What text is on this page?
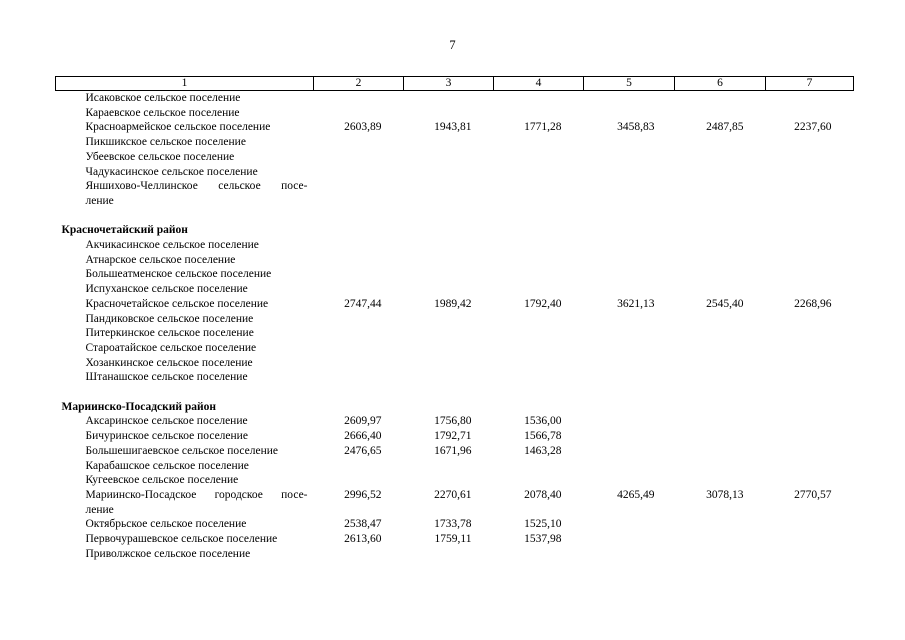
7
1	2	3	4	5	6	7
Исаковское сельское поселение						
Караевское сельское поселение						
Красноармейское сельское поселение	2603,89	1943,81	1771,28	3458,83	2487,85	2237,60
Пикшикское сельское поселение						
Убеевское сельское поселение						
Чадукасинское сельское поселение						
Яншихово-Челлинское сельское посе-						
ление						

Красночетайский район						
Акчикасинское сельское поселение						
Атнарское сельское поселение						
Большеатменское сельское поселение						
Испуханское сельское поселение						
Красночетайское сельское поселение	2747,44	1989,42	1792,40	3621,13	2545,40	2268,96
Пандиковское сельское поселение						
Питеркинское сельское поселение						
Староатайское сельское поселение						
Хозанкинское сельское поселение						
Штанашское сельское поселение						

Мариинско-Посадский район						
Аксаринское сельское поселение	2609,97	1756,80	1536,00			
Бичуринское сельское поселение	2666,40	1792,71	1566,78			
Большешигаевское сельское поселение	2476,65	1671,96	1463,28			
Карабашское сельское поселение						
Кугеевское сельское поселение						
Мариинско-Посадское городское посе-	2996,52	2270,61	2078,40	4265,49	3078,13	2770,57
ление						
Октябрьское сельское поселение	2538,47	1733,78	1525,10			
Первочурашевское сельское поселение	2613,60	1759,11	1537,98			
Приволжское сельское поселение						
